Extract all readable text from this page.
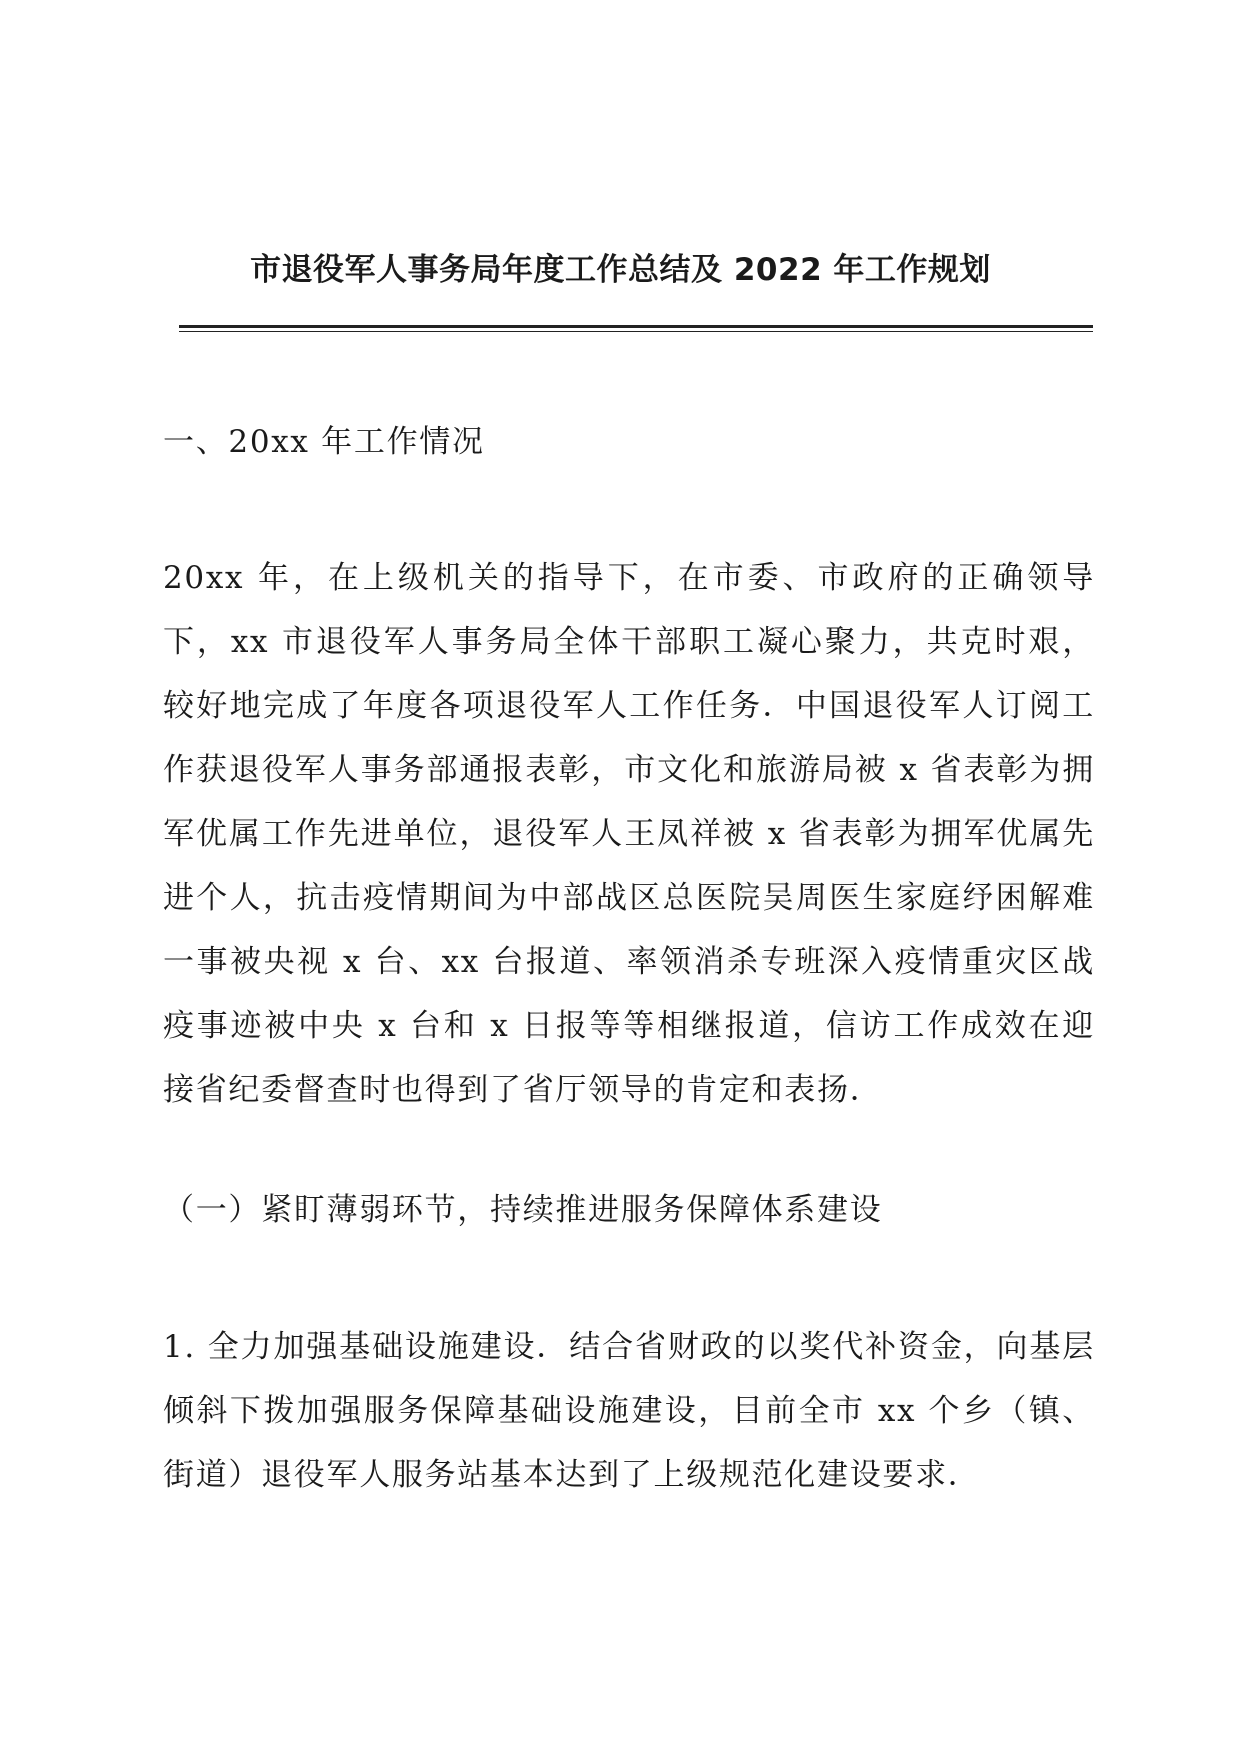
市退役军人事务局年度工作总结及 2022 年工作规划

一、20xx 年工作情况

20xx 年，在上级机关的指导下，在市委、市政府的正确领导下，xx 市退役军人事务局全体干部职工凝心聚力，共克时艰，较好地完成了年度各项退役军人工作任务．中国退役军人订阅工作获退役军人事务部通报表彰，市文化和旅游局被 x 省表彰为拥军优属工作先进单位，退役军人王凤祥被 x 省表彰为拥军优属先进个人，抗击疫情期间为中部战区总医院吴周医生家庭纾困解难一事被央视 x 台、xx 台报道、率领消杀专班深入疫情重灾区战疫事迹被中央 x 台和 x 日报等等相继报道，信访工作成效在迎接省纪委督查时也得到了省厅领导的肯定和表扬．

（一）紧盯薄弱环节，持续推进服务保障体系建设

1. 全力加强基础设施建设．结合省财政的以奖代补资金，向基层倾斜下拨加强服务保障基础设施建设，目前全市 xx 个乡（镇、街道）退役军人服务站基本达到了上级规范化建设要求．
